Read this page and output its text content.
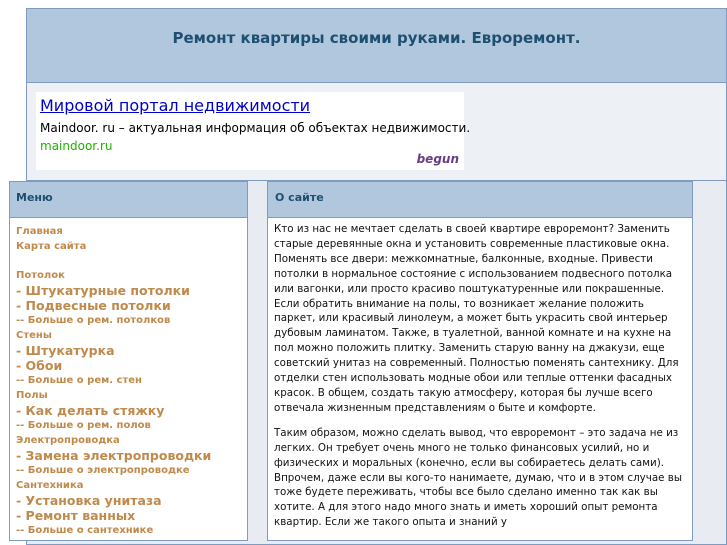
Ремонт квартиры своими руками. Евроремонт.
Мировой портал недвижимости
Maindoor. ru – актуальная информация об объектах недвижимости.
maindoor.ru
begun
Меню
Главная
Карта сайта
Потолок
- Штукатурные потолки
- Подвесные потолки
-- Больше о рем. потолков
Стены
- Штукатурка
- Обои
-- Больше о рем. стен
Полы
- Как делать стяжку
-- Больше о рем. полов
Электропроводка
- Замена электропроводки
-- Больше о электропроводке
Сантехника
- Установка унитаза
- Ремонт ванных
-- Больше о сантехнике
О сайте

Кто из нас не мечтает сделать в своей квартире евроремонт? Заменить старые деревянные окна и установить современные пластиковые окна. Поменять все двери: межкомнатные, балконные, входные. Привести потолки в нормальное состояние с использованием подвесного потолка или вагонки, или просто красиво поштукатуренные или покрашенные. Если обратить внимание на полы, то возникает желание положить паркет, или красивый линолеум, а может быть украсить свой интерьер дубовым ламинатом. Также, в туалетной, ванной комнате и на кухне на пол можно положить плитку. Заменить старую ванну на джакузи, еще советский унитаз на современный. Полностью поменять сантехнику. Для отделки стен использовать модные обои или теплые оттенки фасадных красок. В общем, создать такую атмосферу, которая бы лучше всего отвечала жизненным представлениям о быте и комфорте.

Таким образом, можно сделать вывод, что евроремонт – это задача не из легких. Он требует очень много не только финансовых усилий, но и физических и моральных (конечно, если вы собираетесь делать сами). Впрочем, даже если вы кого-то нанимаете, думаю, что и в этом случае вы тоже будете переживать, чтобы все было сделано именно так как вы хотите. А для этого надо много знать и иметь хороший опыт ремонта квартир. Если же такого опыта и знаний у
